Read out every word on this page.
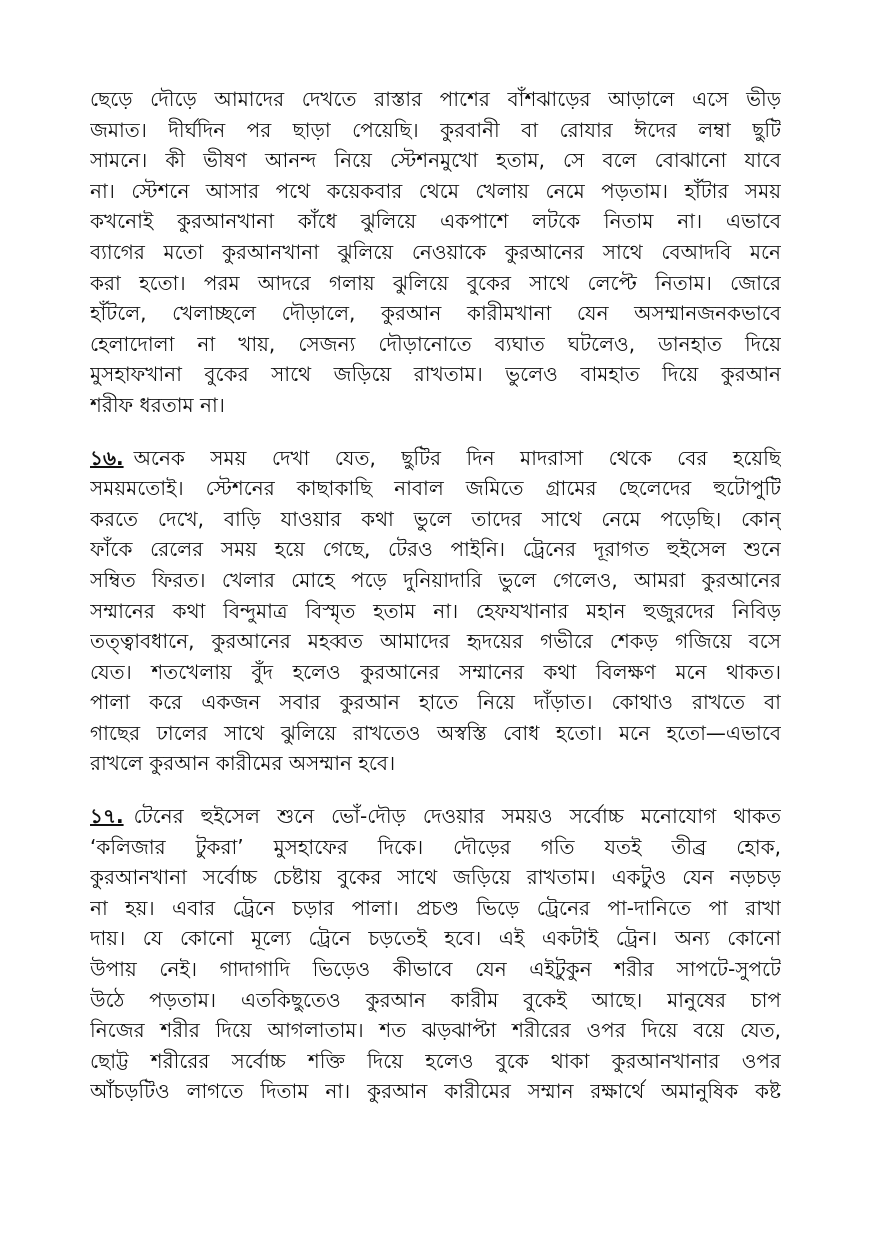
ছেড়ে দৌড়ে আমাদের দেখতে রাস্তার পাশের বাঁশঝাড়ের আড়ালে এসে ভীড়
জমাত। দীর্ঘদিন পর ছাড়া পেয়েছি। কুরবানী বা রোযার ঈদের লম্বা ছুটি
সামনে। কী ভীষণ আনন্দ নিয়ে স্টেশনমুখো হতাম, সে বলে বোঝানো যাবে
না। স্টেশনে আসার পথে কয়েকবার থেমে খেলায় নেমে পড়তাম। হাঁটার সময়
কখনোই কুরআনখানা কাঁধে ঝুলিয়ে একপাশে লটকে নিতাম না। এভাবে
ব্যাগের মতো কুরআনখানা ঝুলিয়ে নেওয়াকে কুরআনের সাথে বেআদবি মনে
করা হতো। পরম আদরে গলায় ঝুলিয়ে বুকের সাথে লেপ্টে নিতাম। জোরে
হাঁটলে, খেলাচ্ছলে দৌড়ালে, কুরআন কারীমখানা যেন অসম্মানজনকভাবে
হেলাদোলা না খায়, সেজন্য দৌড়ানোতে ব্যঘাত ঘটলেও, ডানহাত দিয়ে
মুসহাফখানা বুকের সাথে জড়িয়ে রাখতাম। ভুলেও বামহাত দিয়ে কুরআন
শরীফ ধরতাম না।
১৬. অনেক সময় দেখা যেত, ছুটির দিন মাদরাসা থেকে বের হয়েছি
সময়মতোই। স্টেশনের কাছাকাছি নাবাল জমিতে গ্রামের ছেলেদের হুটোপুটি
করতে দেখে, বাড়ি যাওয়ার কথা ভুলে তাদের সাথে নেমে পড়েছি। কোন্
ফাঁকে রেলের সময় হয়ে গেছে, টেরও পাইনি। ট্রেনের দূরাগত হুইসেল শুনে
সম্বিত ফিরত। খেলার মোহে পড়ে দুনিয়াদারি ভুলে গেলেও, আমরা কুরআনের
সম্মানের কথা বিন্দুমাত্র বিস্মৃত হতাম না। হেফযখানার মহান হুজুরদের নিবিড়
তত্ত্বাবধানে, কুরআনের মহব্বত আমাদের হৃদয়ের গভীরে শেকড় গজিয়ে বসে
যেত। শতখেলায় বুঁদ হলেও কুরআনের সম্মানের কথা বিলক্ষণ মনে থাকত।
পালা করে একজন সবার কুরআন হাতে নিয়ে দাঁড়াত। কোথাও রাখতে বা
গাছের ঢালের সাথে ঝুলিয়ে রাখতেও অস্বস্তি বোধ হতো। মনে হতো—এভাবে
রাখলে কুরআন কারীমের অসম্মান হবে।
১৭. টেনের হুইসেল শুনে ভোঁ-দৌড় দেওয়ার সময়ও সর্বোচ্চ মনোযোগ থাকত
‘কলিজার টুকরা’ মুসহাফের দিকে। দৌড়ের গতি যতই তীব্র হোক,
কুরআনখানা সর্বোচ্চ চেষ্টায় বুকের সাথে জড়িয়ে রাখতাম। একটুও যেন নড়চড়
না হয়। এবার ট্রেনে চড়ার পালা। প্রচণ্ড ভিড়ে ট্রেনের পা-দানিতে পা রাখা
দায়। যে কোনো মূল্যে ট্রেনে চড়তেই হবে। এই একটাই ট্রেন। অন্য কোনো
উপায় নেই। গাদাগাদি ভিড়েও কীভাবে যেন এইটুকুন শরীর সাপটে-সুপটে
উঠে পড়তাম। এতকিছুতেও কুরআন কারীম বুকেই আছে। মানুষের চাপ
নিজের শরীর দিয়ে আগলাতাম। শত ঝড়ঝাপ্টা শরীরের ওপর দিয়ে বয়ে যেত,
ছোট্ট শরীরের সর্বোচ্চ শক্তি দিয়ে হলেও বুকে থাকা কুরআনখানার ওপর
আঁচড়টিও লাগতে দিতাম না। কুরআন কারীমের সম্মান রক্ষার্থে অমানুষিক কষ্ট
